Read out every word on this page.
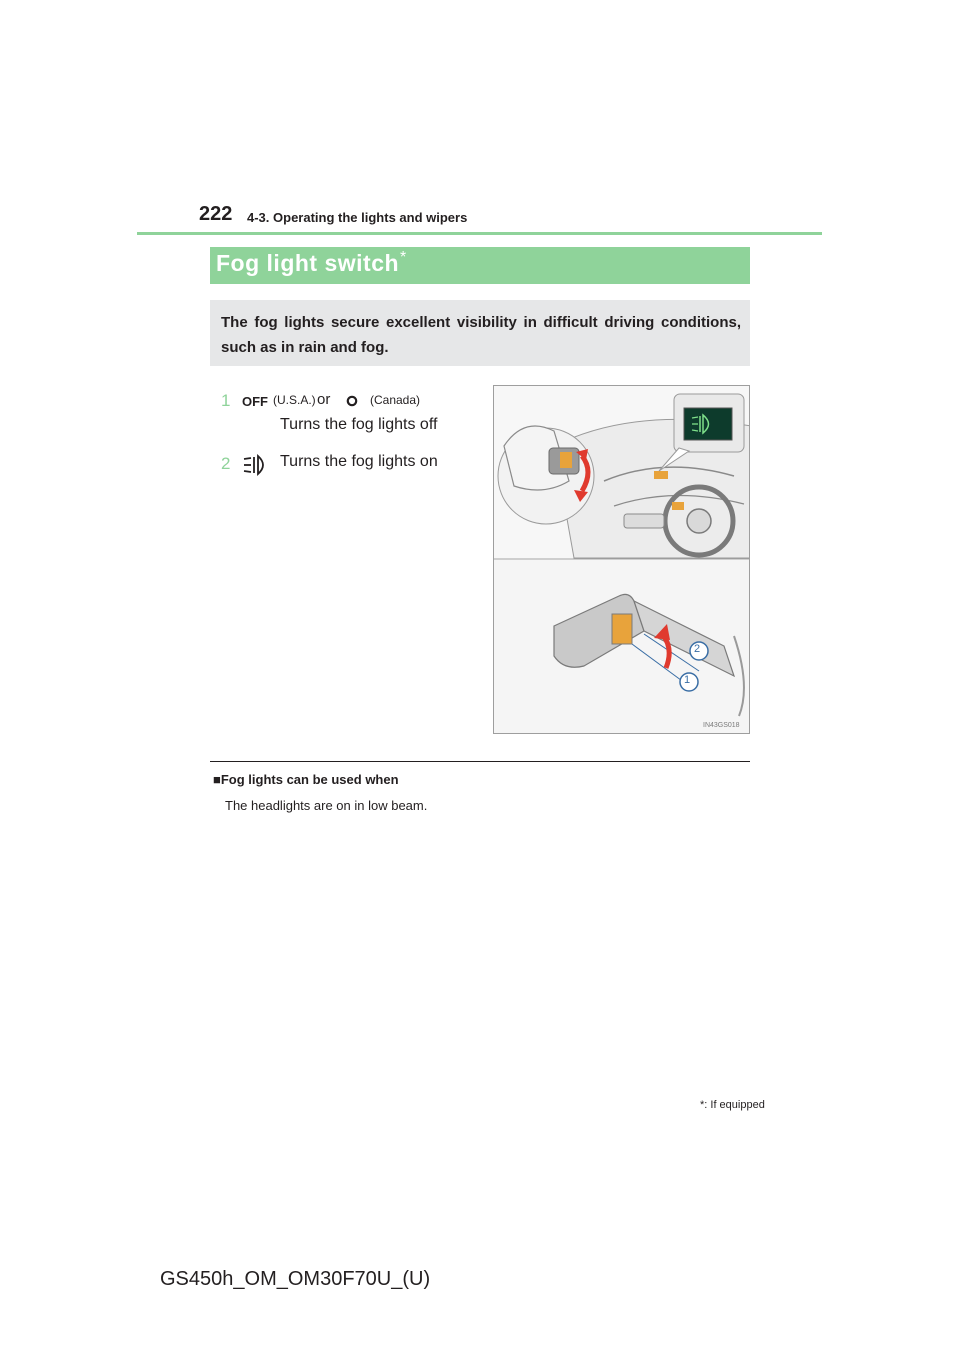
222 4-3. Operating the lights and wipers
Fog light switch *
The fog lights secure excellent visibility in difficult driving conditions, such as in rain and fog.
1 OFF (U.S.A.) or	(Canada)
Turns the fog lights off
2	Turns the fog lights on
2
1
IN43GS018
■Fog lights can be used when
The headlights are on in low beam.
*: If equipped
GS450h_OM_OM30F70U_(U)
